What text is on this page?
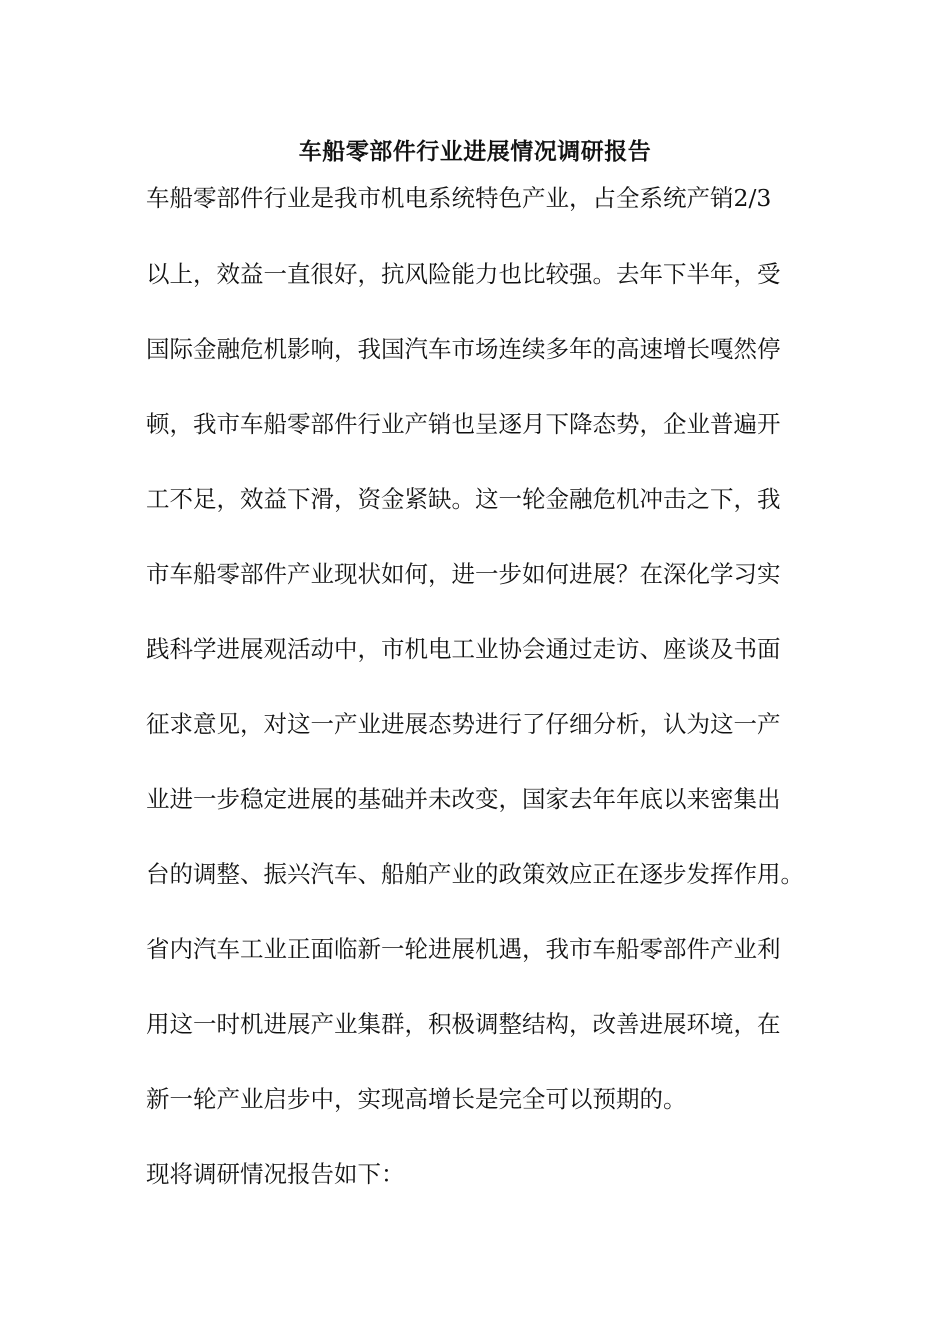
车船零部件行业进展情况调研报告
车船零部件行业是我市机电系统特色产业，占全系统产销2/3
以上，效益一直很好，抗风险能力也比较强。去年下半年，受
国际金融危机影响，我国汽车市场连续多年的高速增长嘎然停
顿，我市车船零部件行业产销也呈逐月下降态势，企业普遍开
工不足，效益下滑，资金紧缺。这一轮金融危机冲击之下，我
市车船零部件产业现状如何，进一步如何进展？在深化学习实
践科学进展观活动中，市机电工业协会通过走访、座谈及书面
征求意见，对这一产业进展态势进行了仔细分析，认为这一产
业进一步稳定进展的基础并未改变，国家去年年底以来密集出
台的调整、振兴汽车、船舶产业的政策效应正在逐步发挥作用。
省内汽车工业正面临新一轮进展机遇，我市车船零部件产业利
用这一时机进展产业集群，积极调整结构，改善进展环境，在
新一轮产业启步中，实现高增长是完全可以预期的。
现将调研情况报告如下：
